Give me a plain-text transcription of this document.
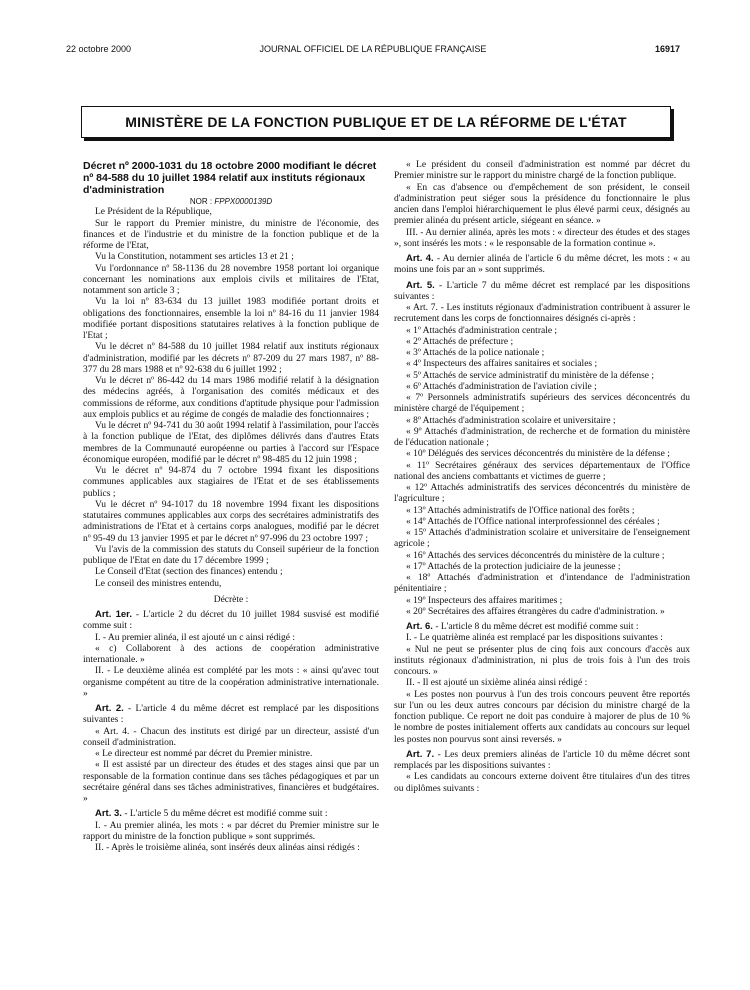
22 octobre 2000	JOURNAL OFFICIEL DE LA RÉPUBLIQUE FRANÇAISE	16917
MINISTÈRE DE LA FONCTION PUBLIQUE ET DE LA RÉFORME DE L'ÉTAT

Décret nº 2000-1031 du 18 octobre 2000 modifiant le décret nº 84-588 du 10 juillet 1984 relatif aux instituts régionaux d'administration

NOR : FPPX0000139D

Le Président de la République,

Sur le rapport du Premier ministre, du ministre de l'économie, des finances et de l'industrie et du ministre de la fonction publique et de la réforme de l'Etat,

Vu la Constitution, notamment ses articles 13 et 21 ;

Vu l'ordonnance nº 58-1136 du 28 novembre 1958 portant loi organique concernant les nominations aux emplois civils et militaires de l'Etat, notamment son article 3 ;

Vu la loi nº 83-634 du 13 juillet 1983 modifiée portant droits et obligations des fonctionnaires, ensemble la loi nº 84-16 du 11 janvier 1984 modifiée portant dispositions statutaires relatives à la fonction publique de l'Etat ;

Vu le décret nº 84-588 du 10 juillet 1984 relatif aux instituts régionaux d'administration, modifié par les décrets nº 87-209 du 27 mars 1987, nº 88-377 du 28 mars 1988 et nº 92-638 du 6 juillet 1992 ;

Vu le décret nº 86-442 du 14 mars 1986 modifié relatif à la désignation des médecins agréés, à l'organisation des comités médicaux et des commissions de réforme, aux conditions d'aptitude physique pour l'admission aux emplois publics et au régime de congés de maladie des fonctionnaires ;

Vu le décret nº 94-741 du 30 août 1994 relatif à l'assimilation, pour l'accès à la fonction publique de l'Etat, des diplômes délivrés dans d'autres Etats membres de la Communauté européenne ou parties à l'accord sur l'Espace économique européen, modifié par le décret nº 98-485 du 12 juin 1998 ;

Vu le décret nº 94-874 du 7 octobre 1994 fixant les dispositions communes applicables aux stagiaires de l'Etat et de ses établissements publics ;

Vu le décret nº 94-1017 du 18 novembre 1994 fixant les dispositions statutaires communes applicables aux corps des secrétaires administratifs des administrations de l'Etat et à certains corps analogues, modifié par le décret nº 95-49 du 13 janvier 1995 et par le décret nº 97-996 du 23 octobre 1997 ;

Vu l'avis de la commission des statuts du Conseil supérieur de la fonction publique de l'Etat en date du 17 décembre 1999 ;

Le Conseil d'Etat (section des finances) entendu ;

Le conseil des ministres entendu,

Décrète :

Art. 1er. - L'article 2 du décret du 10 juillet 1984 susvisé est modifié comme suit :

I. - Au premier alinéa, il est ajouté un c ainsi rédigé :

« c) Collaborent à des actions de coopération administrative internationale. »

II. - Le deuxième alinéa est complété par les mots : « ainsi qu'avec tout organisme compétent au titre de la coopération administrative internationale. »

Art. 2. - L'article 4 du même décret est remplacé par les dispositions suivantes :

« Art. 4. - Chacun des instituts est dirigé par un directeur, assisté d'un conseil d'administration.

« Le directeur est nommé par décret du Premier ministre.

« Il est assisté par un directeur des études et des stages ainsi que par un responsable de la formation continue dans ses tâches pédagogiques et par un secrétaire général dans ses tâches administratives, financières et budgétaires. »

Art. 3. - L'article 5 du même décret est modifié comme suit :

I. - Au premier alinéa, les mots : « par décret du Premier ministre sur le rapport du ministre de la fonction publique » sont supprimés.

II. - Après le troisième alinéa, sont insérés deux alinéas ainsi rédigés :

« Le président du conseil d'administration est nommé par décret du Premier ministre sur le rapport du ministre chargé de la fonction publique.

« En cas d'absence ou d'empêchement de son président, le conseil d'administration peut siéger sous la présidence du fonctionnaire le plus ancien dans l'emploi hiérarchiquement le plus élevé parmi ceux, désignés au premier alinéa du présent article, siégeant en séance. »

III. - Au dernier alinéa, après les mots : « directeur des études et des stages », sont insérés les mots : « le responsable de la formation continue ».

Art. 4. - Au dernier alinéa de l'article 6 du même décret, les mots : « au moins une fois par an » sont supprimés.

Art. 5. - L'article 7 du même décret est remplacé par les dispositions suivantes :

« Art. 7. - Les instituts régionaux d'administration contribuent à assurer le recrutement dans les corps de fonctionnaires désignés ci-après :

« 1º Attachés d'administration centrale ;

« 2º Attachés de préfecture ;

« 3º Attachés de la police nationale ;

« 4º Inspecteurs des affaires sanitaires et sociales ;

« 5º Attachés de service administratif du ministère de la défense ;

« 6º Attachés d'administration de l'aviation civile ;

« 7º Personnels administratifs supérieurs des services déconcentrés du ministère chargé de l'équipement ;

« 8º Attachés d'administration scolaire et universitaire ;

« 9º Attachés d'administration, de recherche et de formation du ministère de l'éducation nationale ;

« 10º Délégués des services déconcentrés du ministère de la défense ;

« 11º Secrétaires généraux des services départementaux de l'Office national des anciens combattants et victimes de guerre ;

« 12º Attachés administratifs des services déconcentrés du ministère de l'agriculture ;

« 13º Attachés administratifs de l'Office national des forêts ;

« 14º Attachés de l'Office national interprofessionnel des céréales ;

« 15º Attachés d'administration scolaire et universitaire de l'enseignement agricole ;

« 16º Attachés des services déconcentrés du ministère de la culture ;

« 17º Attachés de la protection judiciaire de la jeunesse ;

« 18º Attachés d'administration et d'intendance de l'administration pénitentiaire ;

« 19º Inspecteurs des affaires maritimes ;

« 20º Secrétaires des affaires étrangères du cadre d'administration. »

Art. 6. - L'article 8 du même décret est modifié comme suit :

I. - Le quatrième alinéa est remplacé par les dispositions suivantes :

« Nul ne peut se présenter plus de cinq fois aux concours d'accès aux instituts régionaux d'administration, ni plus de trois fois à l'un des trois concours. »

II. - Il est ajouté un sixième alinéa ainsi rédigé :

« Les postes non pourvus à l'un des trois concours peuvent être reportés sur l'un ou les deux autres concours par décision du ministre chargé de la fonction publique. Ce report ne doit pas conduire à majorer de plus de 10 % le nombre de postes initialement offerts aux candidats au concours sur lequel les postes non pourvus sont ainsi reversés. »

Art. 7. - Les deux premiers alinéas de l'article 10 du même décret sont remplacés par les dispositions suivantes :

« Les candidats au concours externe doivent être titulaires d'un des titres ou diplômes suivants :
